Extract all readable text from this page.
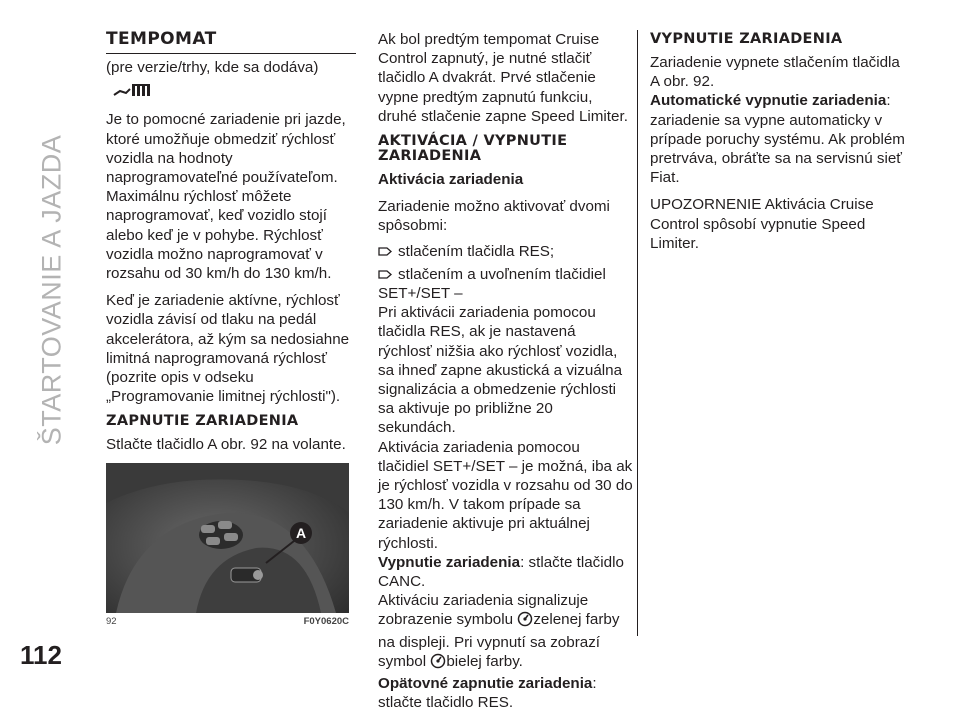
ŠTARTOVANIE A JAZDA
112
TEMPOMAT

(pre verzie/trhy, kde sa dodáva)

Je to pomocné zariadenie pri jazde, ktoré umožňuje obmedziť rýchlosť vozidla na hodnoty naprogramovateľné používateľom. Maximálnu rýchlosť môžete naprogramovať, keď vozidlo stojí alebo keď je v pohybe. Rýchlosť vozidla možno naprogramovať v rozsahu od 30 km/h do 130 km/h.

Keď je zariadenie aktívne, rýchlosť vozidla závisí od tlaku na pedál akcelerátora, až kým sa nedosiahne limitná naprogramovaná rýchlosť (pozrite opis v odseku „Programovanie limitnej rýchlosti").

ZAPNUTIE ZARIADENIA

Stlačte tlačidlo A obr. 92 na volante.

A
92	F0Y0620C

Ak bol predtým tempomat Cruise Control zapnutý, je nutné stlačiť tlačidlo A dvakrát. Prvé stlačenie vypne predtým zapnutú funkciu, druhé stlačenie zapne Speed Limiter.

AKTIVÁCIA / VYPNUTIE ZARIADENIA

Aktivácia zariadenia

Zariadenie možno aktivovať dvomi spôsobmi:

stlačením tlačidla RES;
stlačením a uvoľnením tlačidiel SET+/SET –

Pri aktivácii zariadenia pomocou tlačidla RES, ak je nastavená rýchlosť nižšia ako rýchlosť vozidla, sa ihneď zapne akustická a vizuálna signalizácia a obmedzenie rýchlosti sa aktivuje po približne 20 sekundách.

Aktivácia zariadenia pomocou tlačidiel SET+/SET – je možná, iba ak je rýchlosť vozidla v rozsahu od 30 do 130 km/h. V takom prípade sa zariadenie aktivuje pri aktuálnej rýchlosti.

Vypnutie zariadenia: stlačte tlačidlo CANC.

Aktiváciu zariadenia signalizuje zobrazenie symbolu zelenej farby na displeji. Pri vypnutí sa zobrazí symbol bielej farby.

Opätovné zapnutie zariadenia:
stlačte tlačidlo RES.

VYPNUTIE ZARIADENIA

Zariadenie vypnete stlačením tlačidla A obr. 92.

Automatické vypnutie zariadenia: zariadenie sa vypne automaticky v prípade poruchy systému. Ak problém pretrváva, obráťte sa na servisnú sieť Fiat.

UPOZORNENIE Aktivácia Cruise Control spôsobí vypnutie Speed Limiter.
